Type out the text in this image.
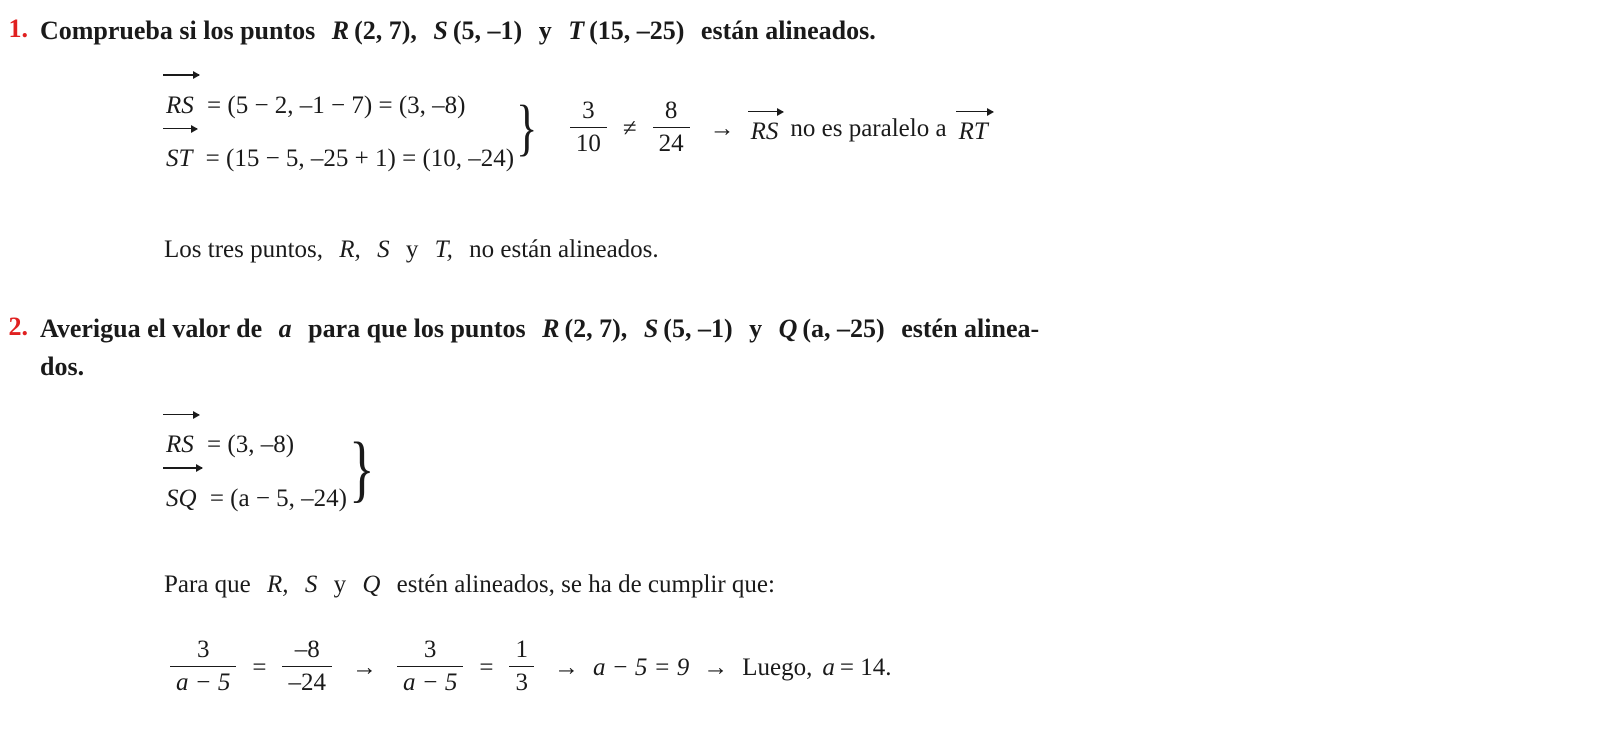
1. Comprueba si los puntos R (2, 7), S (5, –1) y T (15, –25) están alineados.
RS = (5 − 2, –1 − 7) = (3, –8)
ST = (15 − 5, –25 + 1) = (10, –24) } $\frac{3}{10} \ne \frac{8}{24}$ → RS no es paralelo a RT
Los tres puntos, R, S y T, no están alineados.
2. Averigua el valor de a para que los puntos R (2, 7), S (5, –1) y Q (a, –25) estén alinea-
dos.
RS = (3, –8)
SQ = (a − 5, –24) }
Para que R, S y Q estén alineados, se ha de cumplir que:
$\frac{3}{a - 5} = \frac{-8}{-24} \to \frac{3}{a - 5} = \frac{1}{3} \to a - 5 = 9$ → Luego, a = 14.
